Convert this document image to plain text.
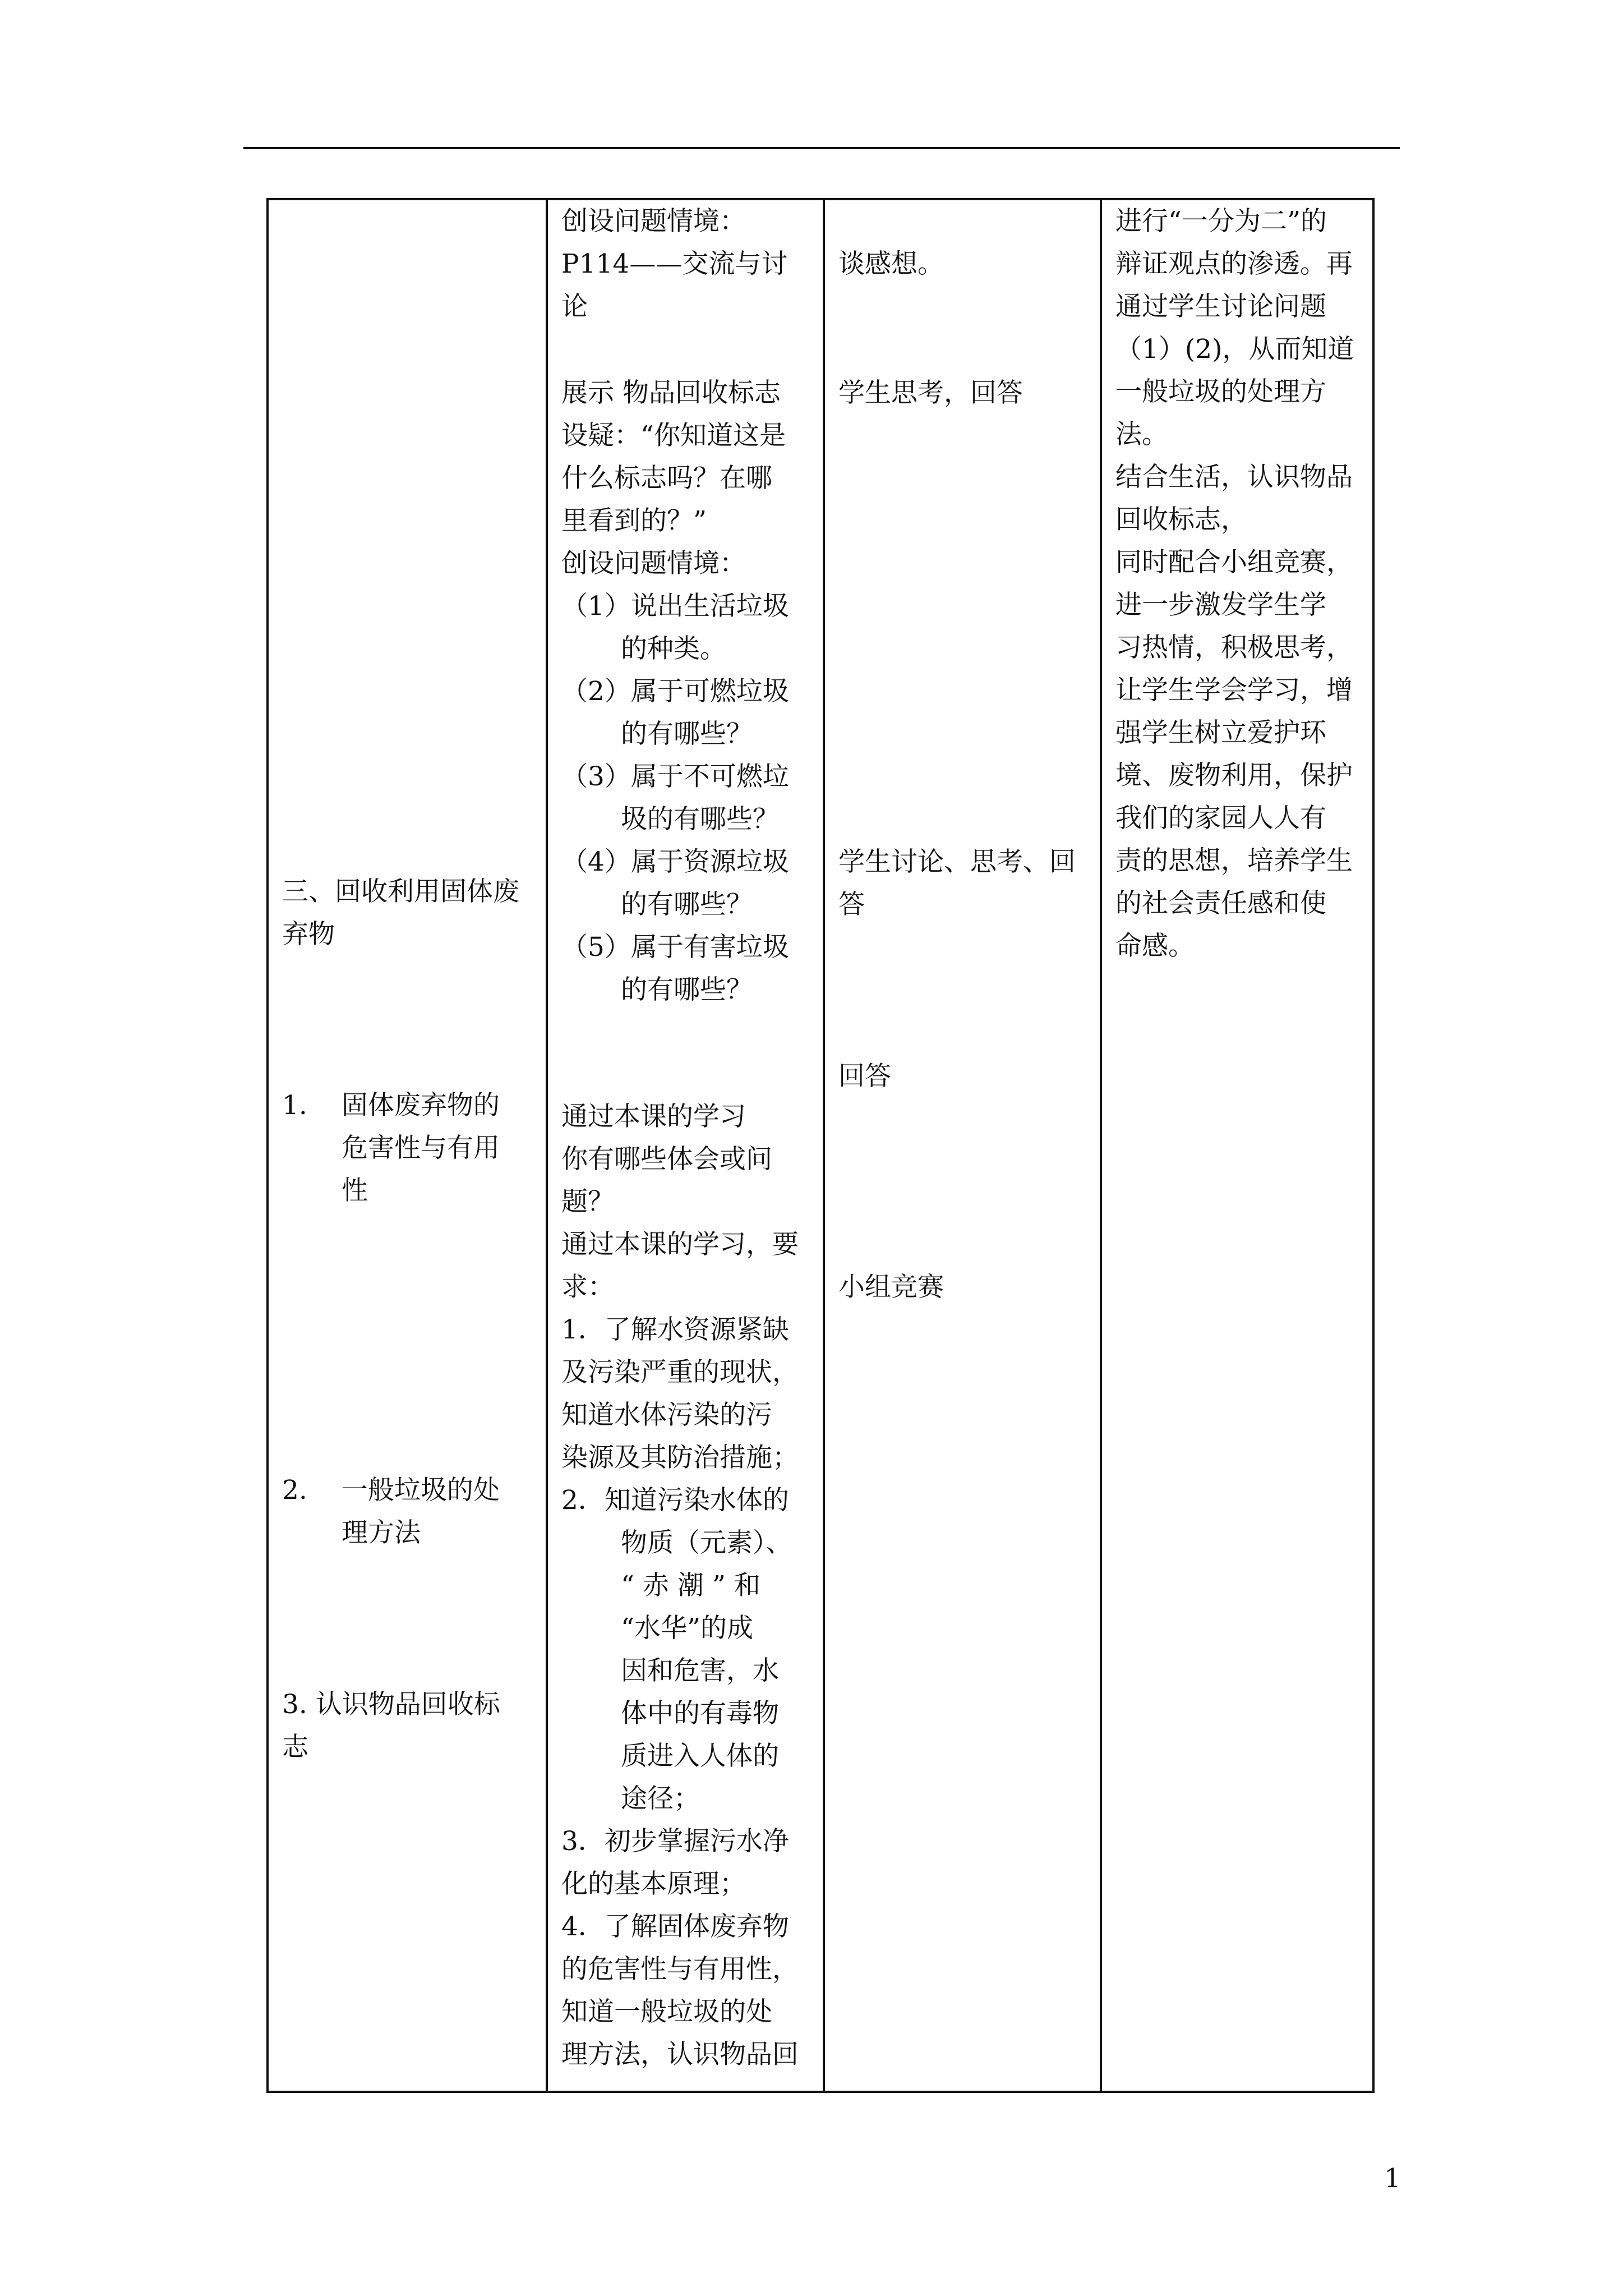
三、回收利用固体废
弃物
1. 固体废弃物的
危害性与有用
性
2. 一般垃圾的处
理方法
3. 认识物品回收标
志
创设问题情境：
P114——交流与讨
论
展示 物品回收标志
设疑：“你知道这是
什么标志吗？在哪
里看到的？”
创设问题情境：
（1）说出生活垃圾
的种类。
（2）属于可燃垃圾
的有哪些？
（3）属于不可燃垃
圾的有哪些？
（4）属于资源垃圾
的有哪些？
（5）属于有害垃圾
的有哪些？
通过本课的学习
你有哪些体会或问
题？
通过本课的学习，要
求：
1．了解水资源紧缺
及污染严重的现状，
知道水体污染的污
染源及其防治措施；
2．知道污染水体的
物质（元素）、
“ 赤 潮 ” 和
“水华”的成
因和危害，水
体中的有毒物
质进入人体的
途径；
3．初步掌握污水净
化的基本原理；
4．了解固体废弃物
的危害性与有用性，
知道一般垃圾的处
理方法，认识物品回
谈感想。
学生思考，回答
学生讨论、思考、回
答
回答
小组竞赛
进行“一分为二”的
辩证观点的渗透。再
通过学生讨论问题
（1）(2)，从而知道
一般垃圾的处理方
法。
结合生活，认识物品
回收标志，
同时配合小组竞赛，
进一步激发学生学
习热情，积极思考，
让学生学会学习，增
强学生树立爱护环
境、废物利用，保护
我们的家园人人有
责的思想，培养学生
的社会责任感和使
命感。
1
